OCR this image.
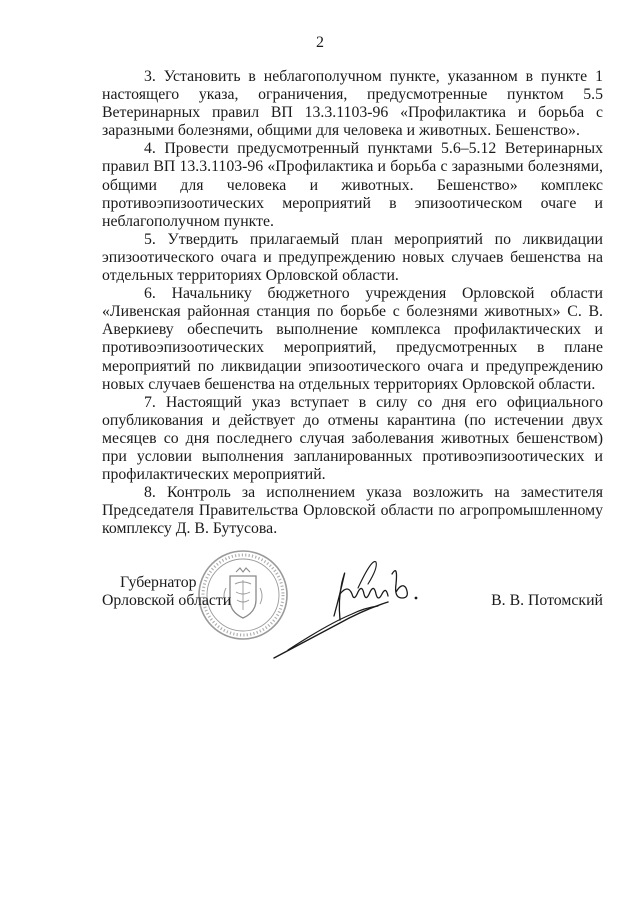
2

3. Установить в неблагополучном пункте, указанном в пункте 1 настоящего указа, ограничения, предусмотренные пунктом 5.5 Ветеринарных правил ВП 13.3.1103-96 «Профилактика и борьба с заразными болезнями, общими для человека и животных. Бешенство».

4. Провести предусмотренный пунктами 5.6–5.12 Ветеринарных правил ВП 13.3.1103-96 «Профилактика и борьба с заразными болезнями, общими для человека и животных. Бешенство» комплекс противоэпизоотических мероприятий в эпизоотическом очаге и неблагополучном пункте.

5. Утвердить прилагаемый план мероприятий по ликвидации эпизоотического очага и предупреждению новых случаев бешенства на отдельных территориях Орловской области.

6. Начальнику бюджетного учреждения Орловской области «Ливенская районная станция по борьбе с болезнями животных» С. В. Аверкиеву обеспечить выполнение комплекса профилактических и противоэпизоотических мероприятий, предусмотренных в плане мероприятий по ликвидации эпизоотического очага и предупреждению новых случаев бешенства на отдельных территориях Орловской области.

7. Настоящий указ вступает в силу со дня его официального опубликования и действует до отмены карантина (по истечении двух месяцев со дня последнего случая заболевания животных бешенством) при условии выполнения запланированных противоэпизоотических и профилактических мероприятий.

8. Контроль за исполнением указа возложить на заместителя Председателя Правительства Орловской области по агропромышленному комплексу Д. В. Бутусова.

Губернатор
Орловской области	В. В. Потомский
